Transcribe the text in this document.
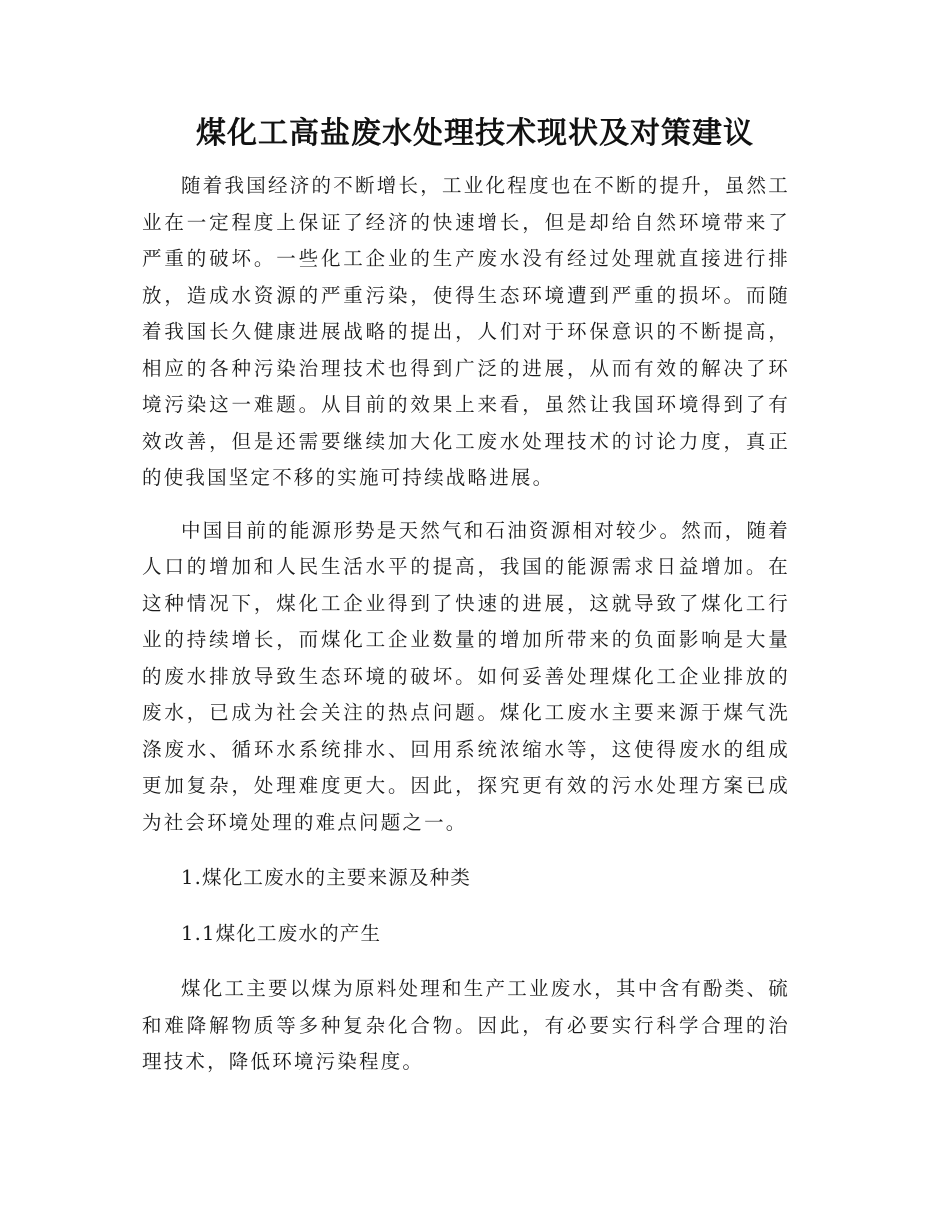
煤化工高盐废水处理技术现状及对策建议

随着我国经济的不断增长，工业化程度也在不断的提升，虽然工业在一定程度上保证了经济的快速增长，但是却给自然环境带来了严重的破坏。一些化工企业的生产废水没有经过处理就直接进行排放，造成水资源的严重污染，使得生态环境遭到严重的损坏。而随着我国长久健康进展战略的提出，人们对于环保意识的不断提高，相应的各种污染治理技术也得到广泛的进展，从而有效的解决了环境污染这一难题。从目前的效果上来看，虽然让我国环境得到了有效改善，但是还需要继续加大化工废水处理技术的讨论力度，真正的使我国坚定不移的实施可持续战略进展。

中国目前的能源形势是天然气和石油资源相对较少。然而，随着人口的增加和人民生活水平的提高，我国的能源需求日益增加。在这种情况下，煤化工企业得到了快速的进展，这就导致了煤化工行业的持续增长，而煤化工企业数量的增加所带来的负面影响是大量的废水排放导致生态环境的破坏。如何妥善处理煤化工企业排放的废水，已成为社会关注的热点问题。煤化工废水主要来源于煤气洗涤废水、循环水系统排水、回用系统浓缩水等，这使得废水的组成更加复杂，处理难度更大。因此，探究更有效的污水处理方案已成为社会环境处理的难点问题之一。

1.煤化工废水的主要来源及种类

1.1煤化工废水的产生

煤化工主要以煤为原料处理和生产工业废水，其中含有酚类、硫和难降解物质等多种复杂化合物。因此，有必要实行科学合理的治理技术，降低环境污染程度。
